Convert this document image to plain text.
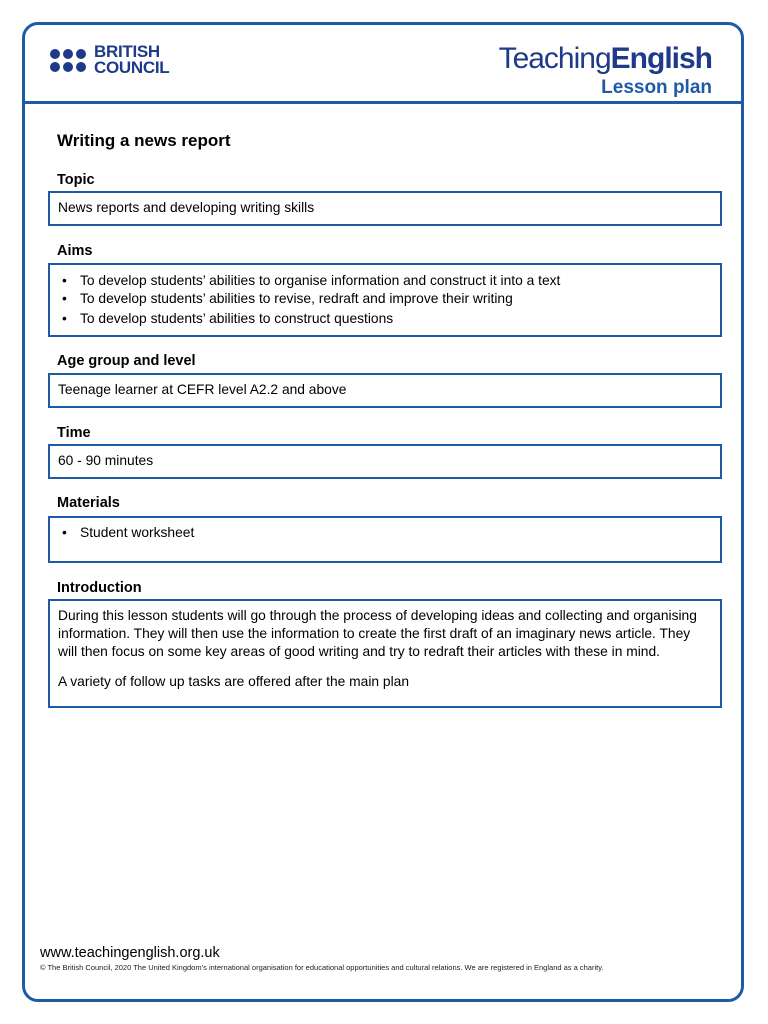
BRITISH
COUNCIL	TeachingEnglish
Lesson plan
Writing a news report
Topic
News reports and developing writing skills
Aims
• To develop students’ abilities to organise information and construct it into a text
• To develop students’ abilities to revise, redraft and improve their writing
• To develop students’ abilities to construct questions
Age group and level
Teenage learner at CEFR level A2.2 and above
Time
60 - 90 minutes
Materials
• Student worksheet
Introduction

During this lesson students will go through the process of developing ideas and collecting and organising information. They will then use the information to create the first draft of an imaginary news article. They will then focus on some key areas of good writing and try to redraft their articles with these in mind.

A variety of follow up tasks are offered after the main plan

www.teachingenglish.org.uk
© The British Council, 2020 The United Kingdom’s international organisation for educational opportunities and cultural relations. We are registered in England as a charity.
